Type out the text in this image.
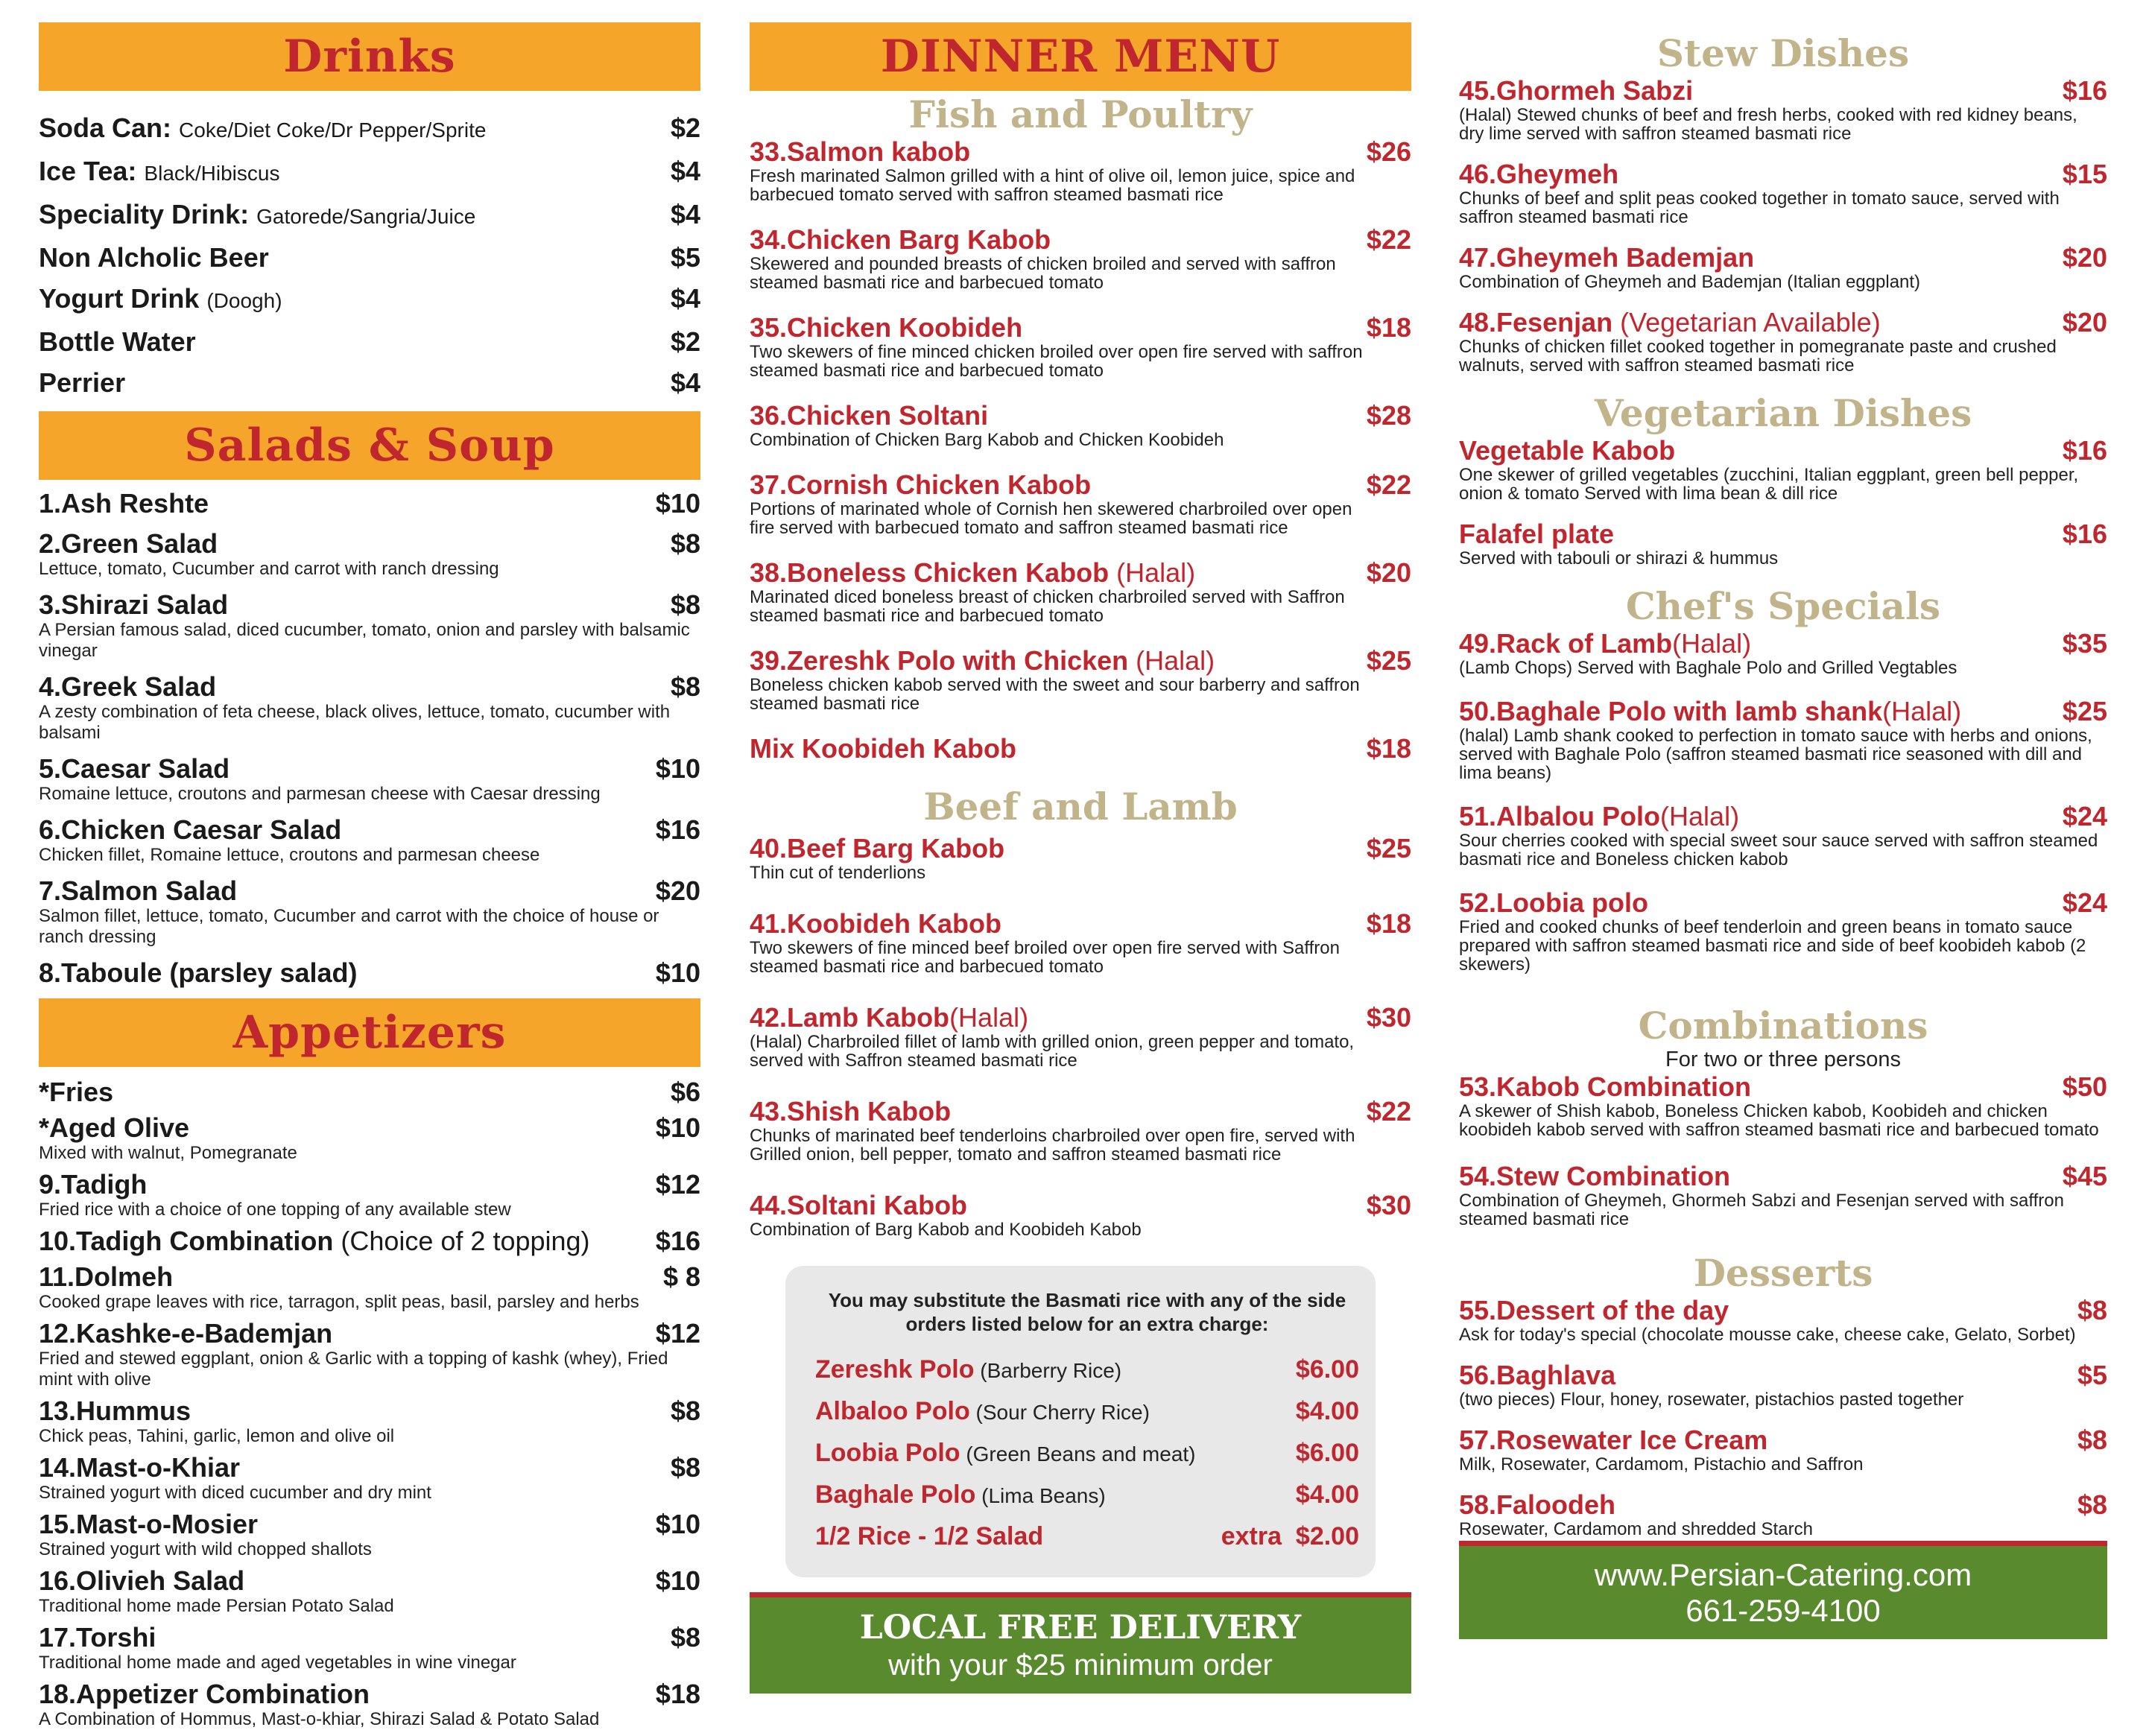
Drinks
Soda Can: Coke/Diet Coke/Dr Pepper/Sprite	$2
Ice Tea: Black/Hibiscus	$4
Speciality Drink: Gatorede/Sangria/Juice	$4
Non Alcholic Beer	$5
Yogurt Drink (Doogh)	$4
Bottle Water	$2
Perrier	$4
Salads & Soup
1.Ash Reshte	$10
2.Green Salad	$8
Lettuce, tomato, Cucumber and carrot with ranch dressing
3.Shirazi Salad	$8
A Persian famous salad, diced cucumber, tomato, onion and parsley with balsamic vinegar
4.Greek Salad	$8
A zesty combination of feta cheese, black olives, lettuce, tomato, cucumber with balsami
5.Caesar Salad	$10
Romaine lettuce, croutons and parmesan cheese with Caesar dressing
6.Chicken Caesar Salad	$16
Chicken fillet, Romaine lettuce, croutons and parmesan cheese
7.Salmon Salad	$20
Salmon fillet, lettuce, tomato, Cucumber and carrot with the choice of house or ranch dressing
8.Taboule (parsley salad)	$10
Appetizers
*Fries	$6
*Aged Olive	$10
Mixed with walnut, Pomegranate
9.Tadigh	$12
Fried rice with a choice of one topping of any available stew
10.Tadigh Combination (Choice of 2 topping) $16
11.Dolmeh	$ 8
Cooked grape leaves with rice, tarragon, split peas, basil, parsley and herbs
12.Kashke-e-Bademjan	$12
Fried and stewed eggplant, onion & Garlic with a topping of kashk (whey), Fried mint with olive
13.Hummus	$8
Chick peas, Tahini, garlic, lemon and olive oil
14.Mast-o-Khiar	$8
Strained yogurt with diced cucumber and dry mint
15.Mast-o-Mosier	$10
Strained yogurt with wild chopped shallots
16.Olivieh Salad	$10
Traditional home made Persian Potato Salad
17.Torshi	$8
Traditional home made and aged vegetables in wine vinegar
18.Appetizer Combination	$18
A Combination of Hommus, Mast-o-khiar, Shirazi Salad & Potato Salad
DINNER MENU
Fish and Poultry
33.Salmon kabob	$26
Fresh marinated Salmon grilled with a hint of olive oil, lemon juice, spice and barbecued tomato served with saffron steamed basmati rice
34.Chicken Barg Kabob	$22
Skewered and pounded breasts of chicken broiled and served with saffron steamed basmati rice and barbecued tomato
35.Chicken Koobideh	$18
Two skewers of fine minced chicken broiled over open fire served with saffron steamed basmati rice and barbecued tomato
36.Chicken Soltani	$28
Combination of Chicken Barg Kabob and Chicken Koobideh
37.Cornish Chicken Kabob	$22
Portions of marinated whole of Cornish hen skewered charbroiled over open fire served with barbecued tomato and saffron steamed basmati rice
38.Boneless Chicken Kabob (Halal)	$20
Marinated diced boneless breast of chicken charbroiled served with Saffron steamed basmati rice and barbecued tomato
39.Zereshk Polo with Chicken (Halal)	$25
Boneless chicken kabob served with the sweet and sour barberry and saffron steamed basmati rice
Mix Koobideh Kabob	$18
Beef and Lamb
40.Beef Barg Kabob	$25
Thin cut of tenderlions
41.Koobideh Kabob	$18
Two skewers of fine minced beef broiled over open fire served with Saffron steamed basmati rice and barbecued tomato
42.Lamb Kabob(Halal)	$30
(Halal) Charbroiled fillet of lamb with grilled onion, green pepper and tomato, served with Saffron steamed basmati rice
43.Shish Kabob	$22
Chunks of marinated beef tenderloins charbroiled over open fire, served with Grilled onion, bell pepper, tomato and saffron steamed basmati rice
44.Soltani Kabob	$30
Combination of Barg Kabob and Koobideh Kabob
You may substitute the Basmati rice with any of the side orders listed below for an extra charge:
Zereshk Polo (Barberry Rice)	$6.00
Albaloo Polo (Sour Cherry Rice)	$4.00
Loobia Polo (Green Beans and meat)	$6.00
Baghale Polo (Lima Beans)	$4.00
1/2 Rice - 1/2 Salad	extra  $2.00
LOCAL FREE DELIVERY
with your $25 minimum order
Stew Dishes
45.Ghormeh Sabzi	$16
(Halal) Stewed chunks of beef and fresh herbs, cooked with red kidney beans, dry lime served with saffron steamed basmati rice
46.Gheymeh	$15
Chunks of beef and split peas cooked together in tomato sauce, served with saffron steamed basmati rice
47.Gheymeh Bademjan	$20
Combination of Gheymeh and Bademjan (Italian eggplant)
48.Fesenjan (Vegetarian Available)	$20
Chunks of chicken fillet cooked together in pomegranate paste and crushed walnuts, served with saffron steamed basmati rice
Vegetarian Dishes
Vegetable Kabob	$16
One skewer of grilled vegetables (zucchini, Italian eggplant, green bell pepper, onion & tomato Served with lima bean & dill rice
Falafel plate	$16
Served with tabouli or shirazi & hummus
Chef's Specials
49.Rack of Lamb(Halal)	$35
(Lamb Chops) Served with Baghale Polo and Grilled Vegtables
50.Baghale Polo with lamb shank(Halal)	$25
(halal) Lamb shank cooked to perfection in tomato sauce with herbs and onions, served with Baghale Polo (saffron steamed basmati rice seasoned with dill and lima beans)
51.Albalou Polo(Halal)	$24
Sour cherries cooked with special sweet sour sauce served with saffron steamed basmati rice and Boneless chicken kabob
52.Loobia polo	$24
Fried and cooked chunks of beef tenderloin and green beans in tomato sauce prepared with saffron steamed basmati rice and side of beef koobideh kabob (2 skewers)
Combinations
For two or three persons
53.Kabob Combination	$50
A skewer of Shish kabob, Boneless Chicken kabob, Koobideh and chicken koobideh kabob served with saffron steamed basmati rice and barbecued tomato
54.Stew Combination	$45
Combination of Gheymeh, Ghormeh Sabzi and Fesenjan served with saffron steamed basmati rice
Desserts
55.Dessert of the day	$8
Ask for today's special (chocolate mousse cake, cheese cake, Gelato, Sorbet)
56.Baghlava	$5
(two pieces) Flour, honey, rosewater, pistachios pasted together
57.Rosewater Ice Cream	$8
Milk, Rosewater, Cardamom, Pistachio and Saffron
58.Faloodeh	$8
Rosewater, Cardamom and shredded Starch
www.Persian-Catering.com
661-259-4100
